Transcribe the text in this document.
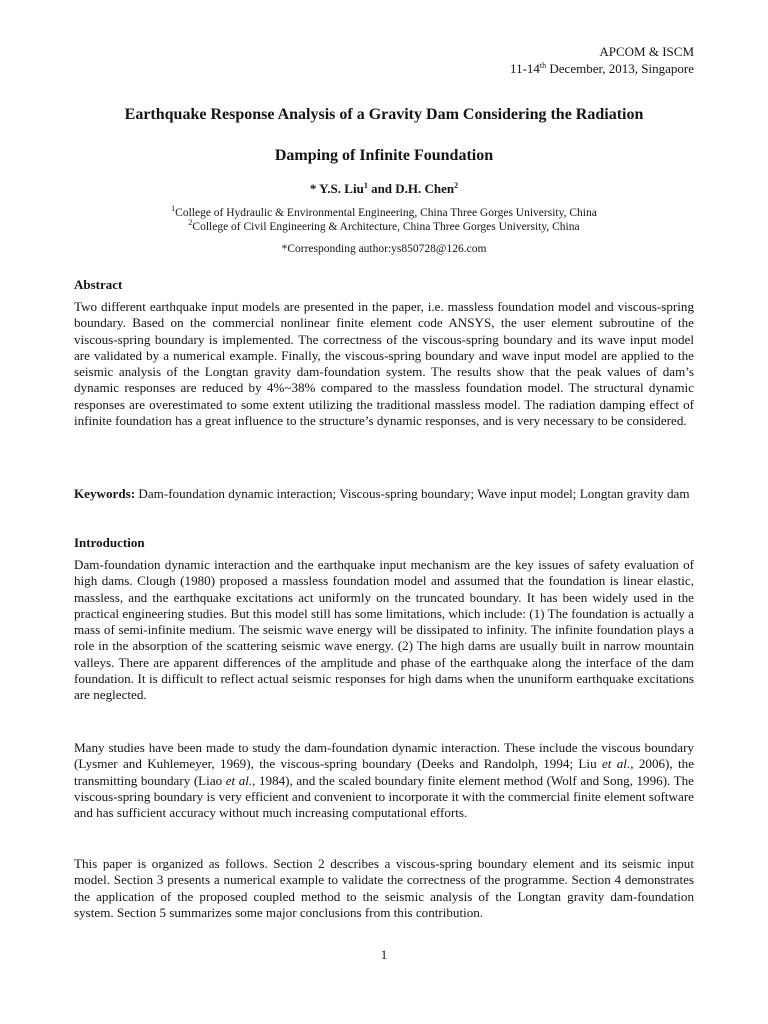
APCOM & ISCM
11-14th December, 2013, Singapore
Earthquake Response Analysis of a Gravity Dam Considering the Radiation
Damping of Infinite Foundation
* Y.S. Liu$^1$ and D.H. Chen$^2$
$^1$College of Hydraulic & Environmental Engineering, China Three Gorges University, China
$^2$College of Civil Engineering & Architecture, China Three Gorges University, China
*Corresponding author:ys850728@126.com
Abstract

Two different earthquake input models are presented in the paper, i.e. massless foundation model and viscous-spring boundary. Based on the commercial nonlinear finite element code ANSYS, the user element subroutine of the viscous-spring boundary is implemented. The correctness of the viscous-spring boundary and its wave input model are validated by a numerical example. Finally, the viscous-spring boundary and wave input model are applied to the seismic analysis of the Longtan gravity dam-foundation system. The results show that the peak values of dam’s dynamic responses are reduced by 4%~38% compared to the massless foundation model. The structural dynamic responses are overestimated to some extent utilizing the traditional massless model. The radiation damping effect of infinite foundation has a great influence to the structure’s dynamic responses, and is very necessary to be considered.

Keywords: Dam-foundation dynamic interaction; Viscous-spring boundary; Wave input model; Longtan gravity dam

Introduction

Dam-foundation dynamic interaction and the earthquake input mechanism are the key issues of safety evaluation of high dams. Clough (1980) proposed a massless foundation model and assumed that the foundation is linear elastic, massless, and the earthquake excitations act uniformly on the truncated boundary. It has been widely used in the practical engineering studies. But this model still has some limitations, which include: (1) The foundation is actually a mass of semi-infinite medium. The seismic wave energy will be dissipated to infinity. The infinite foundation plays a role in the absorption of the scattering seismic wave energy. (2) The high dams are usually built in narrow mountain valleys. There are apparent differences of the amplitude and phase of the earthquake along the interface of the dam foundation. It is difficult to reflect actual seismic responses for high dams when the ununiform earthquake excitations are neglected.

Many studies have been made to study the dam-foundation dynamic interaction. These include the viscous boundary (Lysmer and Kuhlemeyer, 1969), the viscous-spring boundary (Deeks and Randolph, 1994; Liu et al., 2006), the transmitting boundary (Liao et al., 1984), and the scaled boundary finite element method (Wolf and Song, 1996). The viscous-spring boundary is very efficient and convenient to incorporate it with the commercial finite element software and has sufficient accuracy without much increasing computational efforts.

This paper is organized as follows. Section 2 describes a viscous-spring boundary element and its seismic input model. Section 3 presents a numerical example to validate the correctness of the programme. Section 4 demonstrates the application of the proposed coupled method to the seismic analysis of the Longtan gravity dam-foundation system. Section 5 summarizes some major conclusions from this contribution.

1
